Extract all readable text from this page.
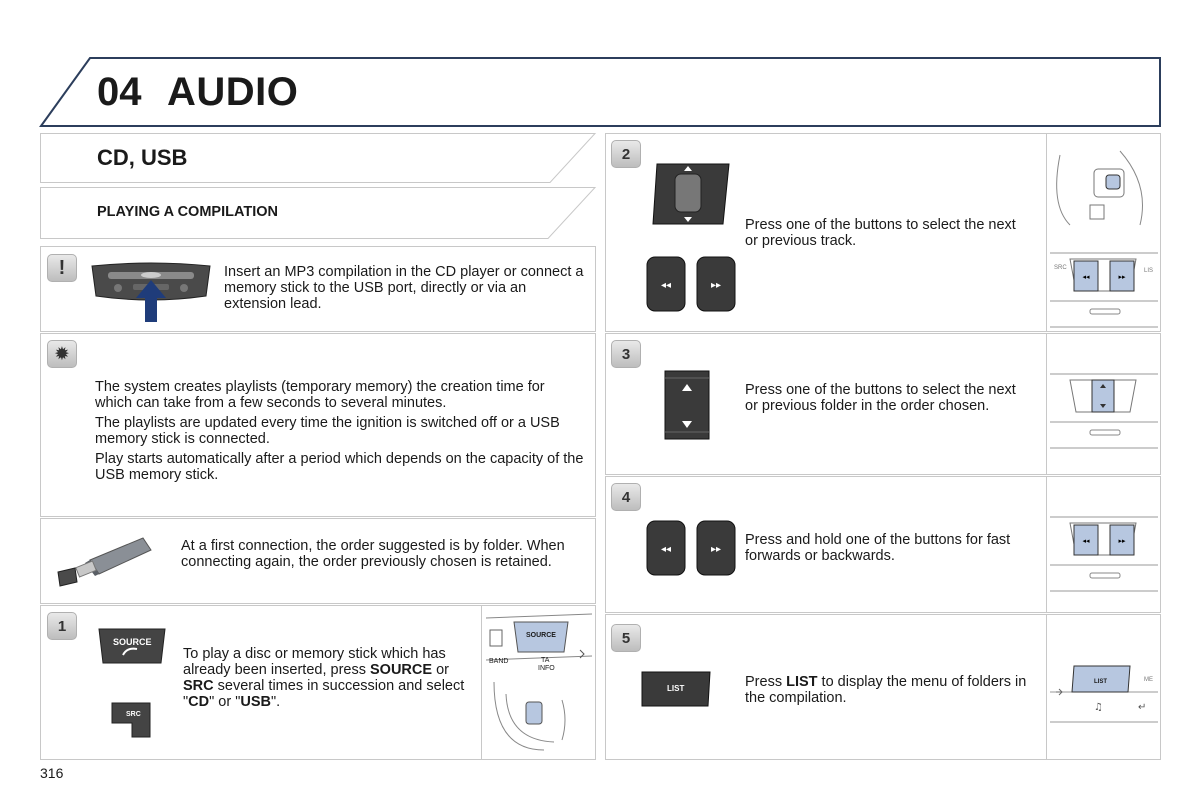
04 AUDIO
CD, USB
PLAYING A COMPILATION
!	Insert an MP3 compilation in the CD player or connect a memory stick to the USB port, directly or via an extension lead.
✹

The system creates playlists (temporary memory) the creation time for which can take from a few seconds to several minutes.

The playlists are updated every time the ignition is switched off or a USB memory stick is connected.

Play starts automatically after a period which depends on the capacity of the USB memory stick.

At a first connection, the order suggested is by folder. When connecting again, the order previously chosen is retained.
1
SOURCE
SRC
To play a disc or memory stick which has already been inserted, press SOURCE or SRC several times in succession and select "CD" or "USB".
SOURCE
BAND	TA
INFO
2
◂◂	▸▸
Press one of the buttons to select the next or previous track.
◂◂	▸▸
SRC	LIS
3
Press one of the buttons to select the next or previous folder in the order chosen.
4
◂◂	▸▸
Press and hold one of the buttons for fast forwards or backwards.
◂◂	▸▸
5
LIST	Press LIST to display the menu of folders in the compilation.
♫	↵
LIST	ME
316
